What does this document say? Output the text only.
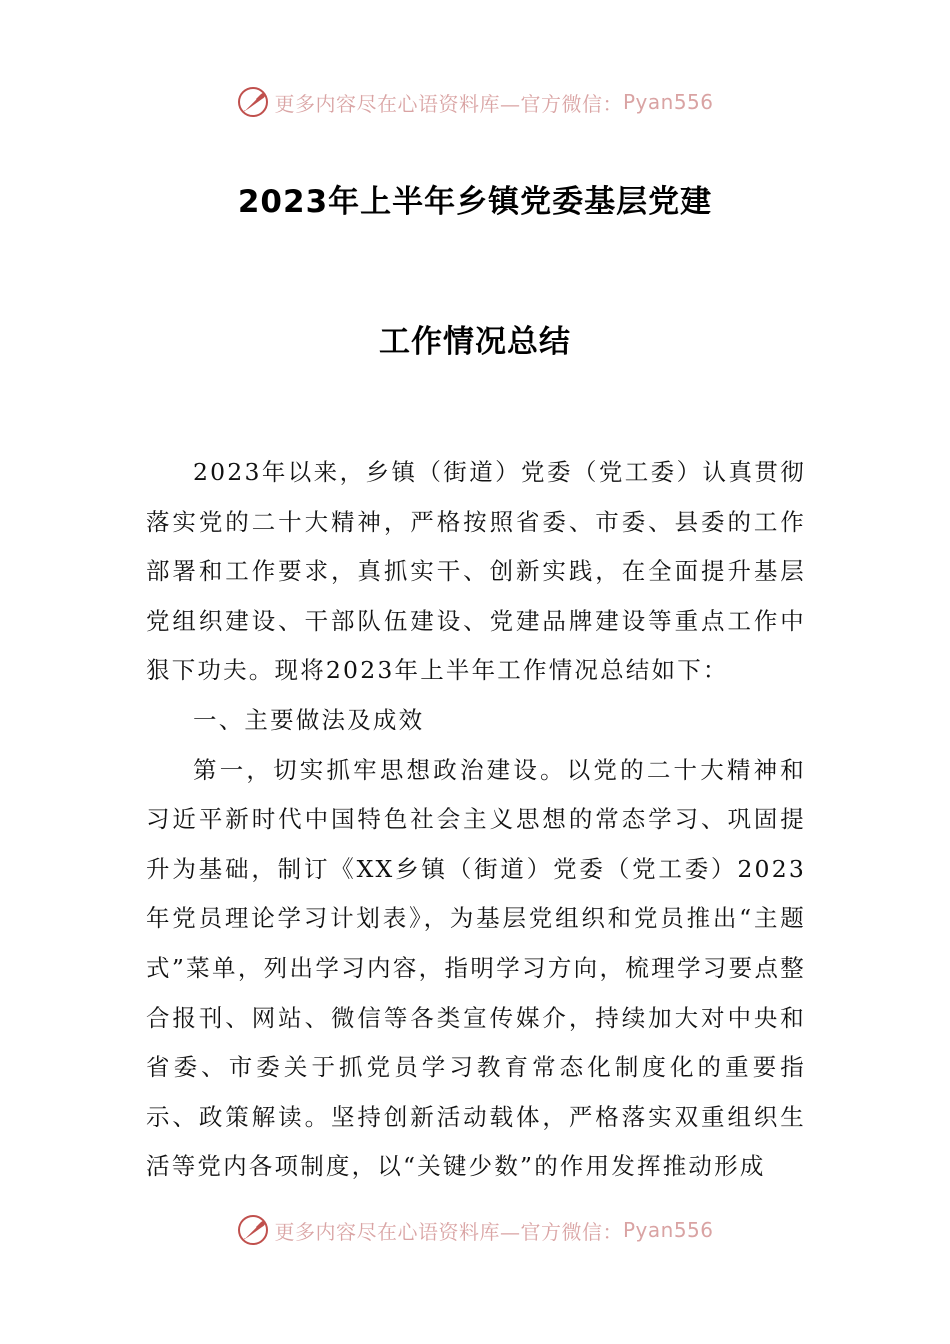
更多内容尽在心语资料库—官方微信： Pyan556
2023年上半年乡镇党委基层党建
工作情况总结

2023年以来，乡镇（街道）党委（党工委）认真贯彻落实党的二十大精神，严格按照省委、市委、县委的工作部署和工作要求，真抓实干、创新实践，在全面提升基层党组织建设、干部队伍建设、党建品牌建设等重点工作中狠下功夫。现将2023年上半年工作情况总结如下：

一、主要做法及成效

第一，切实抓牢思想政治建设。以党的二十大精神和习近平新时代中国特色社会主义思想的常态学习、巩固提升为基础，制订《XX乡镇（街道）党委（党工委）2023年党员理论学习计划表》，为基层党组织和党员推出“主题式”菜单，列出学习内容，指明学习方向，梳理学习要点整合报刊、网站、微信等各类宣传媒介，持续加大对中央和省委、市委关于抓党员学习教育常态化制度化的重要指示、政策解读。坚持创新活动载体，严格落实双重组织生活等党内各项制度，以“关键少数”的作用发挥推动形成

更多内容尽在心语资料库—官方微信： Pyan556
